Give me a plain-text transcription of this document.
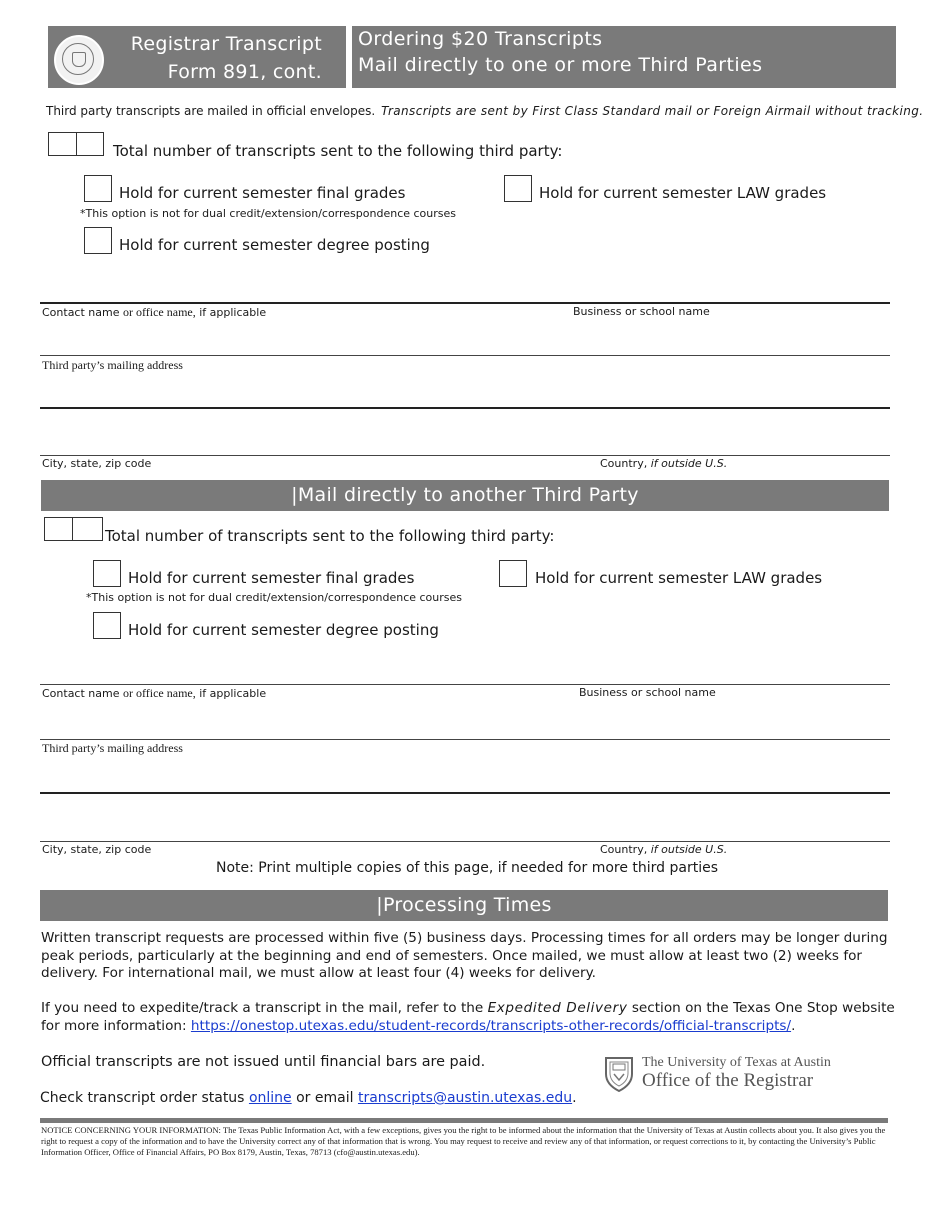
Registrar Transcript
Form 891, cont.
Ordering $20 Transcripts
Mail directly to one or more Third Parties
Third party transcripts are mailed in official envelopes. Transcripts are sent by First Class Standard mail or Foreign Airmail without tracking.
Total number of transcripts sent to the following third party:
Hold for current semester final grades
*This option is not for dual credit/extension/correspondence courses
Hold for current semester LAW grades
Hold for current semester degree posting
Contact name or office name, if applicable	Business or school name
Third party’s mailing address
City, state, zip code	Country, if outside U.S.
|Mail directly to another Third Party
Total number of transcripts sent to the following third party:
Hold for current semester final grades
*This option is not for dual credit/extension/correspondence courses
Hold for current semester LAW grades
Hold for current semester degree posting
Contact name or office name, if applicable	Business or school name
Third party’s mailing address
City, state, zip code	Country, if outside U.S.
Note: Print multiple copies of this page, if needed for more third parties
|Processing Times
Written transcript requests are processed within five (5) business days. Processing times for all orders may be longer during peak periods, particularly at the beginning and end of semesters. Once mailed, we must allow at least two (2) weeks for delivery. For international mail, we must allow at least four (4) weeks for delivery.
If you need to expedite/track a transcript in the mail, refer to the Expedited Delivery section on the Texas One Stop website for more information: https://onestop.utexas.edu/student-records/transcripts-other-records/official-transcripts/.
Official transcripts are not issued until financial bars are paid.
Check transcript order status online or email transcripts@austin.utexas.edu.
The University of Texas at Austin
Office of the Registrar
NOTICE CONCERNING YOUR INFORMATION: The Texas Public Information Act, with a few exceptions, gives you the right to be informed about the information that the University of Texas at Austin collects about you. It also gives you the right to request a copy of the information and to have the University correct any of that information that is wrong. You may request to receive and review any of that information, or request corrections to it, by contacting the University’s Public Information Officer, Office of Financial Affairs, PO Box 8179, Austin, Texas, 78713 (cfo@austin.utexas.edu).
